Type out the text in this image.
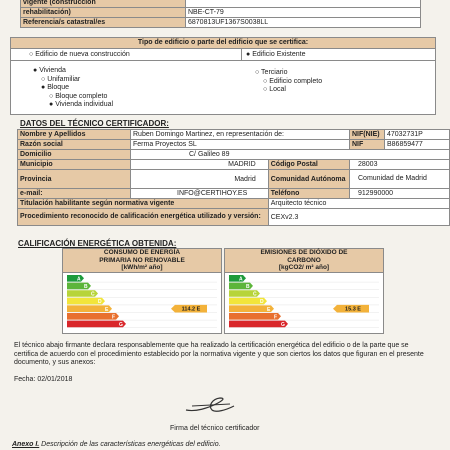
vigente (construcción	
rehabilitación)	NBE-CT-79
Referencia/s catastral/es	6870813UF1367S0038LL
Tipo de edificio o parte del edificio que se certifica:
○ Edificio de nueva construcción	● Edificio Existente
● Vivienda
○ Unifamiliar
● Bloque
○ Bloque completo
● Vivienda individual
○ Terciario
○ Edificio completo
○ Local
DATOS DEL TÉCNICO CERTIFICADOR:
Nombre y Apellidos	Ruben Domingo Martinez, en representación de:		NIF(NIE)	47032731P
Razón social	Ferma Proyectos SL		NIF	B86859477
Domicilio	C/ Galileo 89			
Municipio	MADRID	Código Postal	28003	
Provincia	Madrid	Comunidad Autónoma	Comunidad de Madrid	
e-mail:	INFO@CERTIHOY.ES	Teléfono	912990000	
Titulación habilitante según normativa vigente		Arquitecto técnico		
Procedimiento reconocido de calificación energética utilizado y versión:		CEXv2.3		
CALIFICACIÓN ENERGÉTICA OBTENIDA:
CONSUMO DE ENERGÍA
PRIMARIA NO RENOVABLE
[kWh/m² año]
A
B
C
D
E
F
G
114.2 E
EMISIONES DE DIÓXIDO DE
CARBONO
[kgCO2/ m² año]
A
B
C
D
E
F
G
15.3 E
El técnico abajo firmante declara responsablemente que ha realizado la certificación energética del edificio o de la parte que se certifica de acuerdo con el procedimiento establecido por la normativa vigente y que son ciertos los datos que figuran en el presente documento, y sus anexos:
Fecha: 02/01/2018
Firma del técnico certificador
Anexo I. Descripción de las características energéticas del edificio.
